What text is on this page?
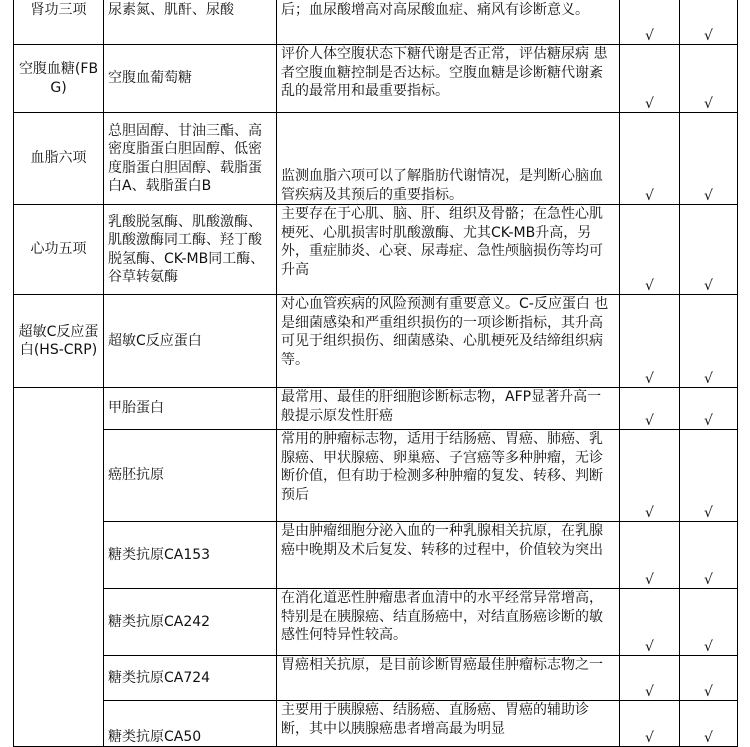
肾功三项	尿素氮、肌酐、尿酸	后；血尿酸增高对高尿酸血症、痛风有诊断意义。	√	√
空腹血糖(FBG)	空腹血葡萄糖	评价人体空腹状态下糖代谢是否正常，评估糖尿病 患者空腹血糖控制是否达标。空腹血糖是诊断糖代谢紊乱的最常用和最重要指标。	√	√
血脂六项	总胆固醇、甘油三酯、高密度脂蛋白胆固醇、低密度脂蛋白胆固醇、载脂蛋白A、载脂蛋白B	监测血脂六项可以了解脂肪代谢情况，是判断心脑血管疾病及其预后的重要指标。	√	√
心功五项	乳酸脱氢酶、肌酸激酶、肌酸激酶同工酶、羟丁酸脱氢酶、CK-MB同工酶、谷草转氨酶	主要存在于心肌、脑、肝、组织及骨骼；在急性心肌梗死、心肌损害时肌酸激酶、尤其CK-MB升高，另外，重症肺炎、心衰、尿毒症、急性颅脑损伤等均可升高	√	√
超敏C反应蛋白(HS-CRP)	超敏C反应蛋白	对心血管疾病的风险预测有重要意义。C-反应蛋白 也是细菌感染和严重组织损伤的一项诊断指标，其升高可见于组织损伤、细菌感染、心肌梗死及结缔组织病等。	√	√
	甲胎蛋白	最常用、最佳的肝细胞诊断标志物，AFP显著升高一般提示原发性肝癌	√	√
	癌胚抗原	常用的肿瘤标志物，适用于结肠癌、胃癌、肺癌、乳腺癌、甲状腺癌、卵巢癌、子宫癌等多种肿瘤，无诊断价值，但有助于检测多种肿瘤的复发、转移、判断预后	√	√
	糖类抗原CA153	是由肿瘤细胞分泌入血的一种乳腺相关抗原，在乳腺癌中晚期及术后复发、转移的过程中，价值较为突出	√	√
	糖类抗原CA242	在消化道恶性肿瘤患者血清中的水平经常异常增高，特别是在胰腺癌、结直肠癌中，对结直肠癌诊断的敏感性何特异性较高。	√	√
	糖类抗原CA724	胃癌相关抗原，是目前诊断胃癌最佳肿瘤标志物之一	√	√
	糖类抗原CA50	主要用于胰腺癌、结肠癌、直肠癌、胃癌的辅助诊断，其中以胰腺癌患者增高最为明显	√	√
